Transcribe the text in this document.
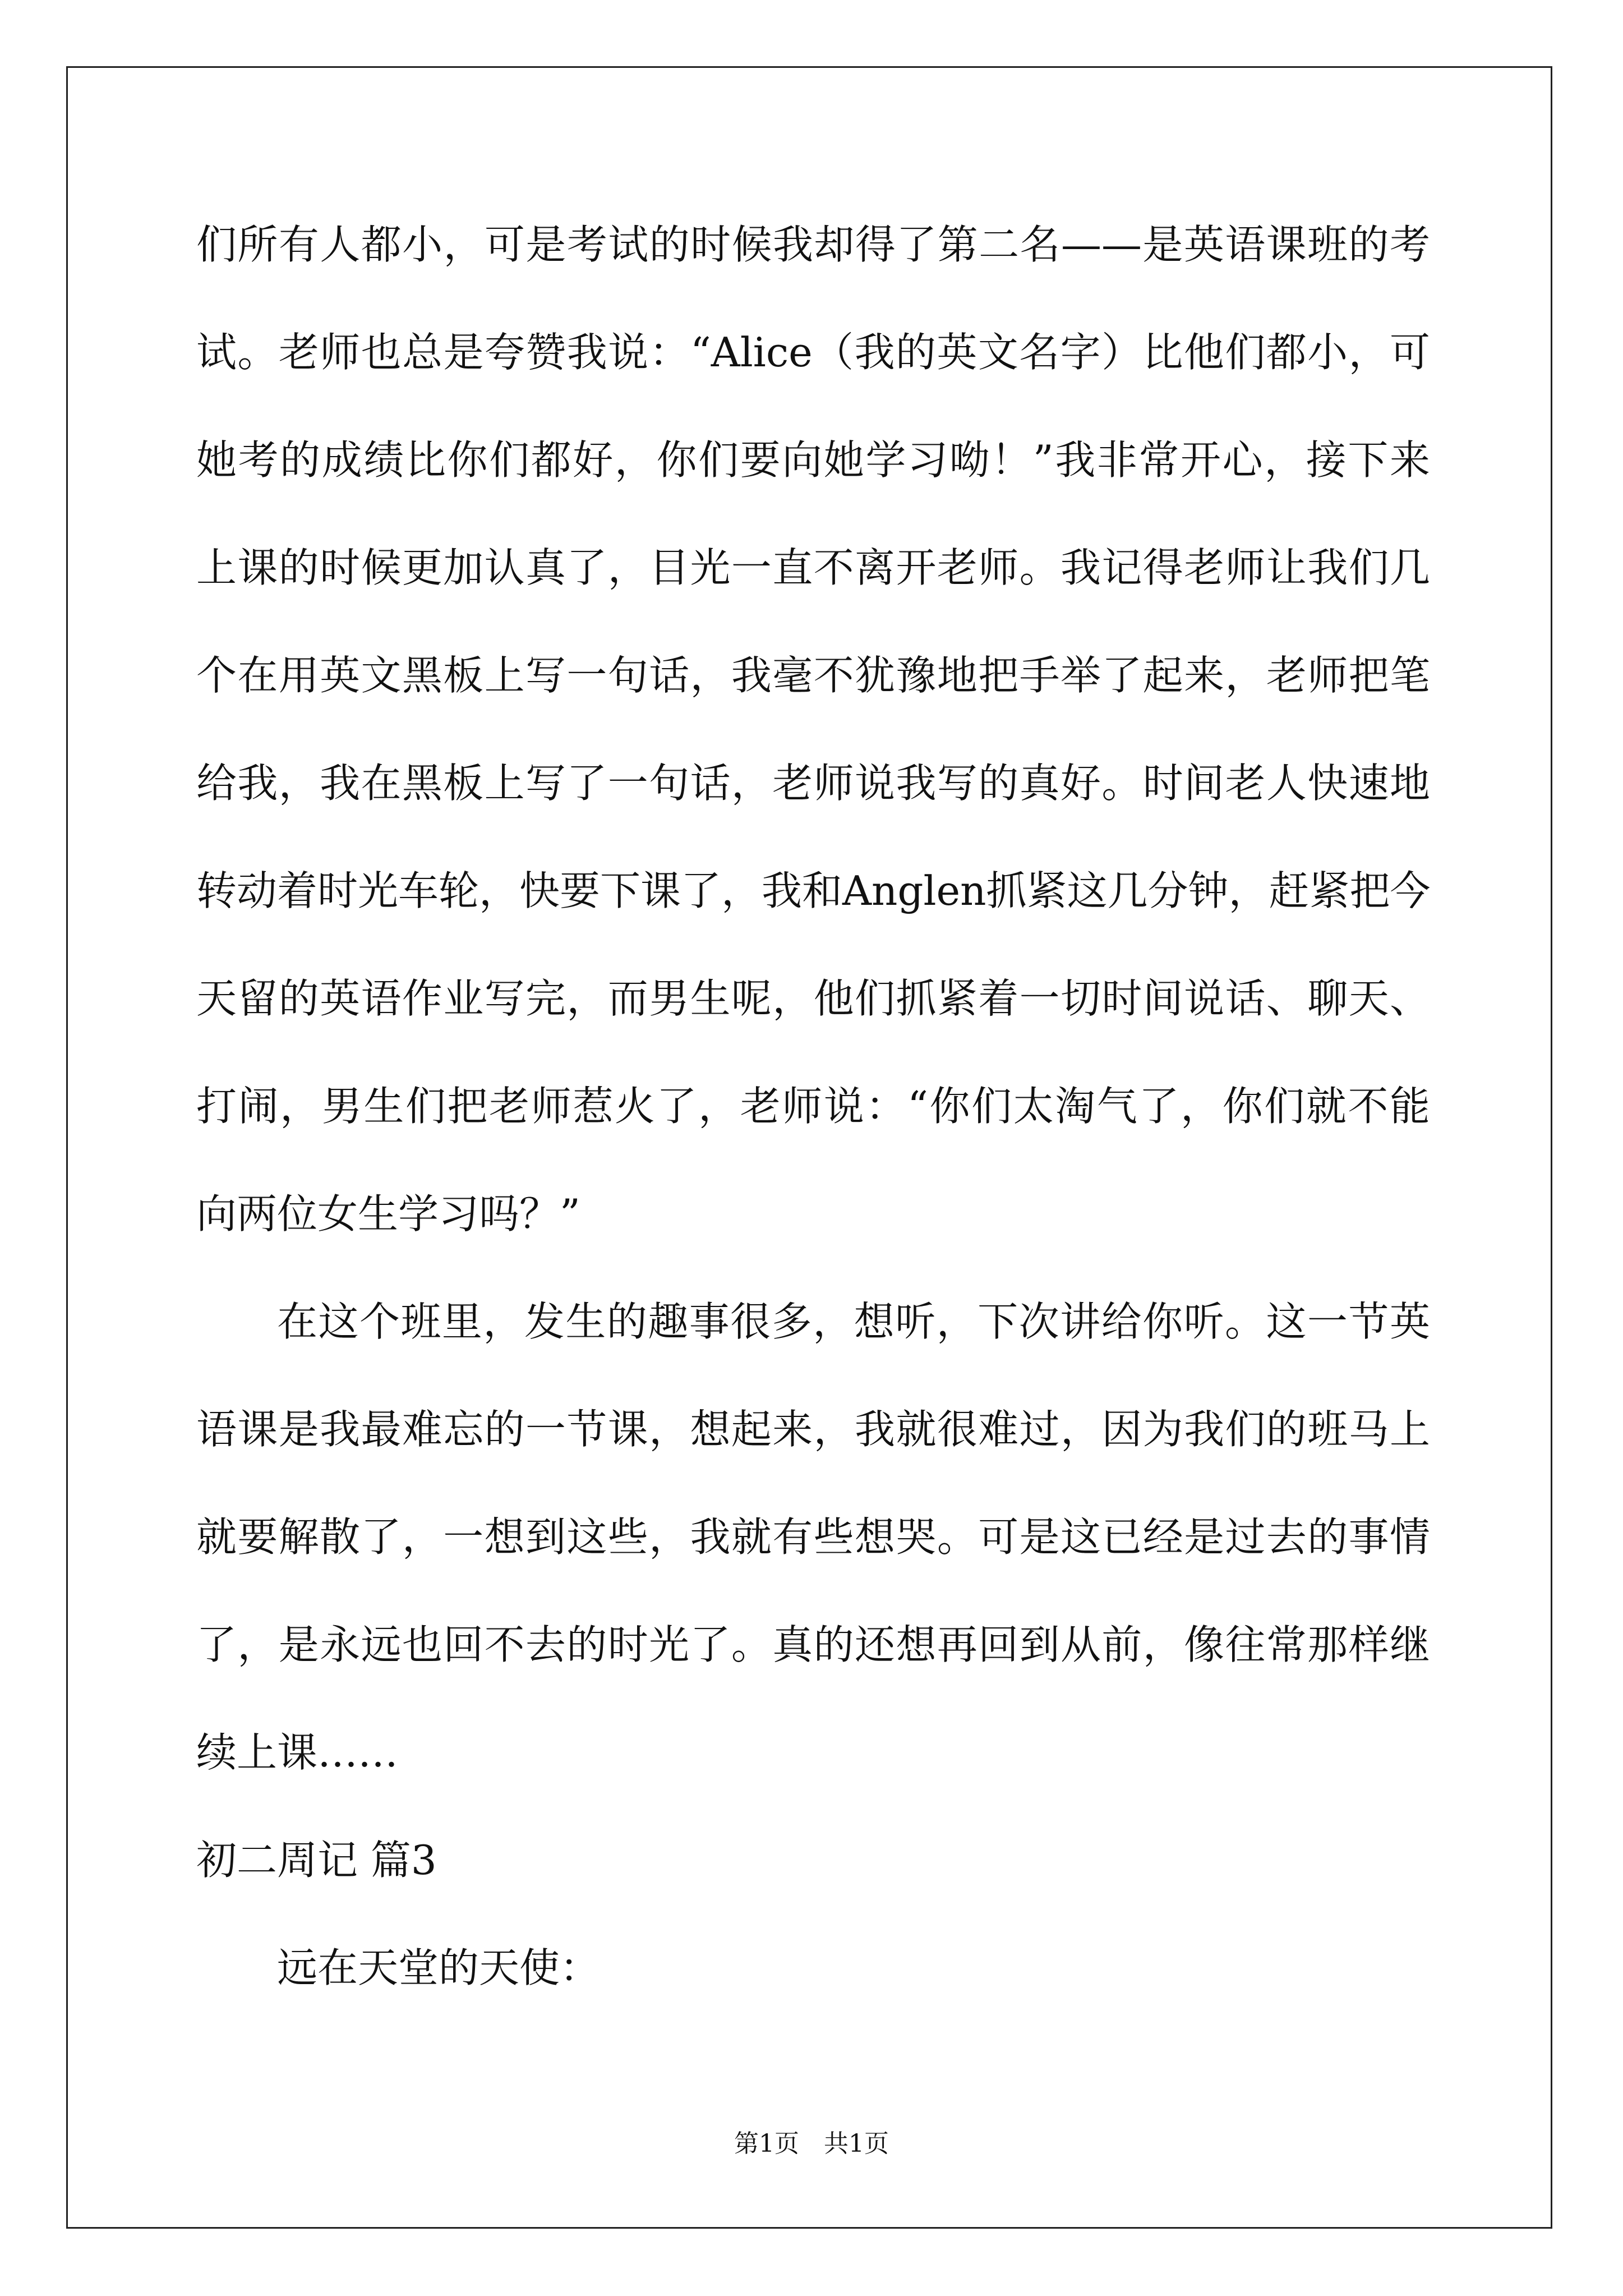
们所有人都小，可是考试的时候我却得了第二名——是英语课班的考
试。老师也总是夸赞我说：“Alice（我的英文名字）比他们都小，可
她考的成绩比你们都好，你们要向她学习呦！”我非常开心，接下来
上课的时候更加认真了，目光一直不离开老师。我记得老师让我们几
个在用英文黑板上写一句话，我毫不犹豫地把手举了起来，老师把笔
给我，我在黑板上写了一句话，老师说我写的真好。时间老人快速地
转动着时光车轮，快要下课了，我和Anglen抓紧这几分钟，赶紧把今
天留的英语作业写完，而男生呢，他们抓紧着一切时间说话、聊天、
打闹，男生们把老师惹火了，老师说：“你们太淘气了，你们就不能
向两位女生学习吗？”
在这个班里，发生的趣事很多，想听，下次讲给你听。这一节英
语课是我最难忘的一节课，想起来，我就很难过，因为我们的班马上
就要解散了，一想到这些，我就有些想哭。可是这已经是过去的事情
了，是永远也回不去的时光了。真的还想再回到从前，像往常那样继
续上课……
初二周记 篇3
远在天堂的天使：
第1页　共1页
